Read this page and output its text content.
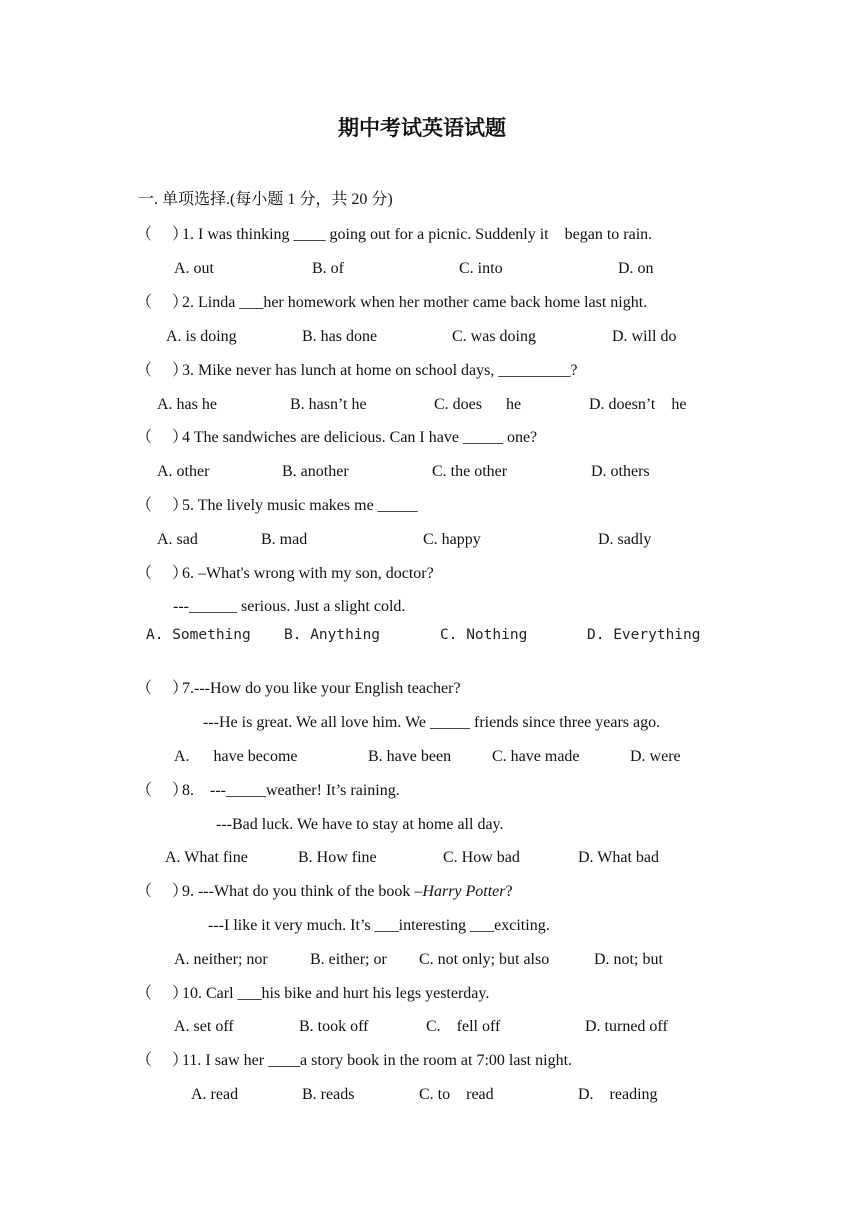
期中考试英语试题
一. 单项选择.(每小题 1 分，共 20 分)
（     ）
1. I was thinking ____ going out for a picnic. Suddenly it    began to rain.
A. out	B. of	C. into	D. on
（     ）
2. Linda ___her homework when her mother came back home last night.
A. is doing	B. has done	C. was doing	D. will do
（     ）
3. Mike never has lunch at home on school days, _________?
A. has he	B. hasn’t he	C. does      he	D. doesn’t    he
（     ）
4 The sandwiches are delicious. Can I have _____ one?
A. other	B. another	C. the other	D. others
（     ）
5. The lively music makes me _____
A. sad	B. mad	C. happy	D. sadly
（     ）
6. –What's wrong with my son, doctor?
---______ serious. Just a slight cold.
A. Something B. Anything	C. Nothing	D. Everything
（     ）
7.---How do you like your English teacher?
---He is great. We all love him. We _____ friends since three years ago.
A.      have become	B. have been	C. have made	D. were
（     ）
8.    ---_____weather! It’s raining.
---Bad luck. We have to stay at home all day.
A. What fine	B. How fine	C. How bad	D. What bad
（     ）
9. ---What do you think of the book –Harry Potter?
---I like it very much. It’s ___interesting ___exciting.
A. neither; nor	B. either; or C. not only; but also	D. not; but
（     ）
10. Carl ___his bike and hurt his legs yesterday.
A. set off	B. took off	C.    fell off	D. turned off
（     ）
11. I saw her ____a story book in the room at 7:00 last night.
A. read	B. reads	C. to    read	D.    reading
